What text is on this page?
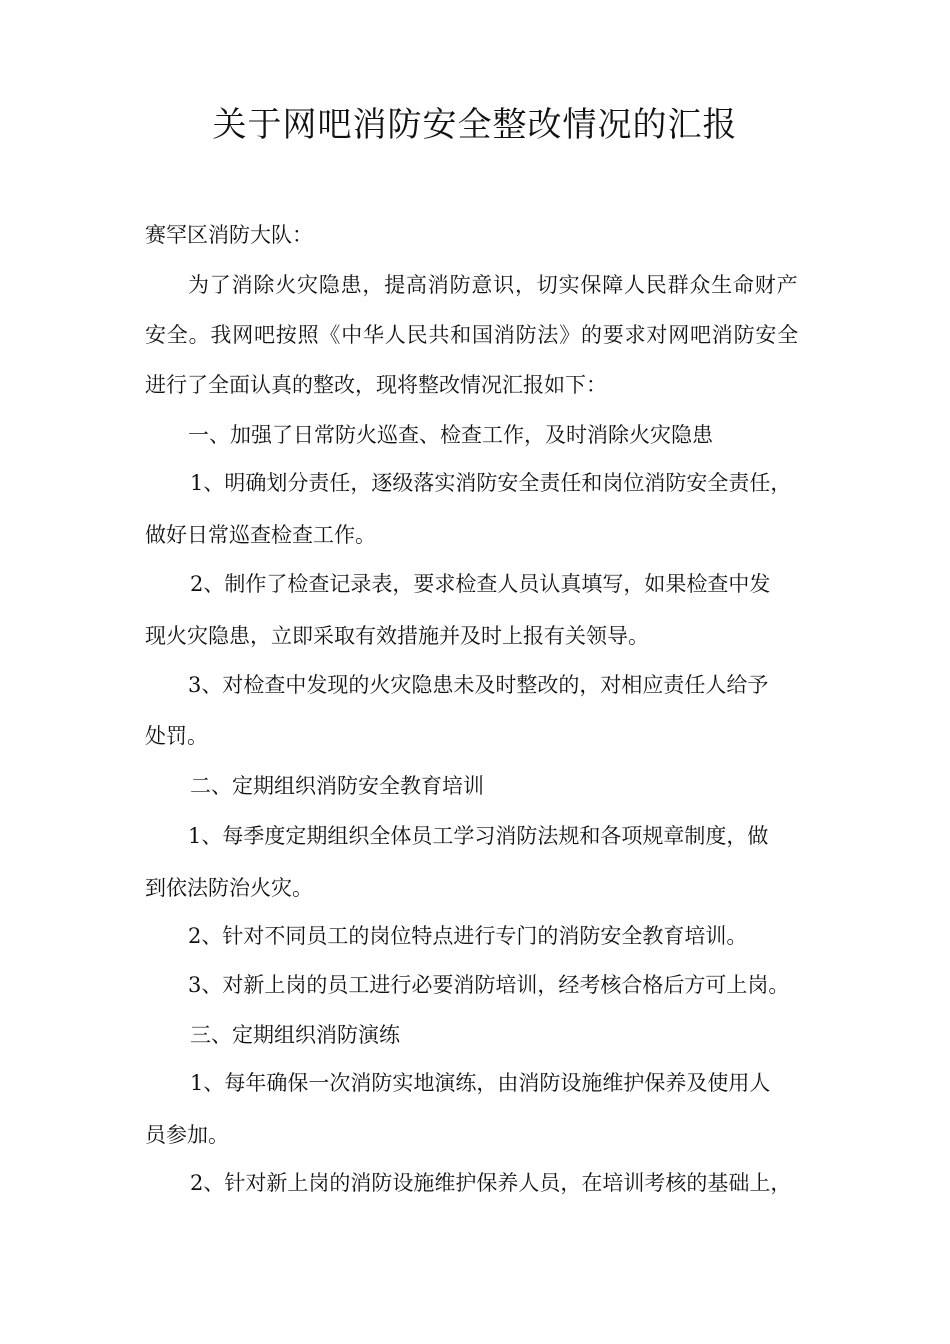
关于网吧消防安全整改情况的汇报

赛罕区消防大队：

为了消除火灾隐患，提高消防意识，切实保障人民群众生命财产

安全。我网吧按照《中华人民共和国消防法》的要求对网吧消防安全

进行了全面认真的整改，现将整改情况汇报如下：

一、加强了日常防火巡查、检查工作，及时消除火灾隐患

1、明确划分责任，逐级落实消防安全责任和岗位消防安全责任，

做好日常巡查检查工作。

2、制作了检查记录表，要求检查人员认真填写，如果检查中发

现火灾隐患，立即采取有效措施并及时上报有关领导。

3、对检查中发现的火灾隐患未及时整改的，对相应责任人给予

处罚。

二、定期组织消防安全教育培训

1、每季度定期组织全体员工学习消防法规和各项规章制度，做

到依法防治火灾。

2、针对不同员工的岗位特点进行专门的消防安全教育培训。

3、对新上岗的员工进行必要消防培训，经考核合格后方可上岗。

三、定期组织消防演练

1、每年确保一次消防实地演练，由消防设施维护保养及使用人

员参加。

2、针对新上岗的消防设施维护保养人员，在培训考核的基础上，
